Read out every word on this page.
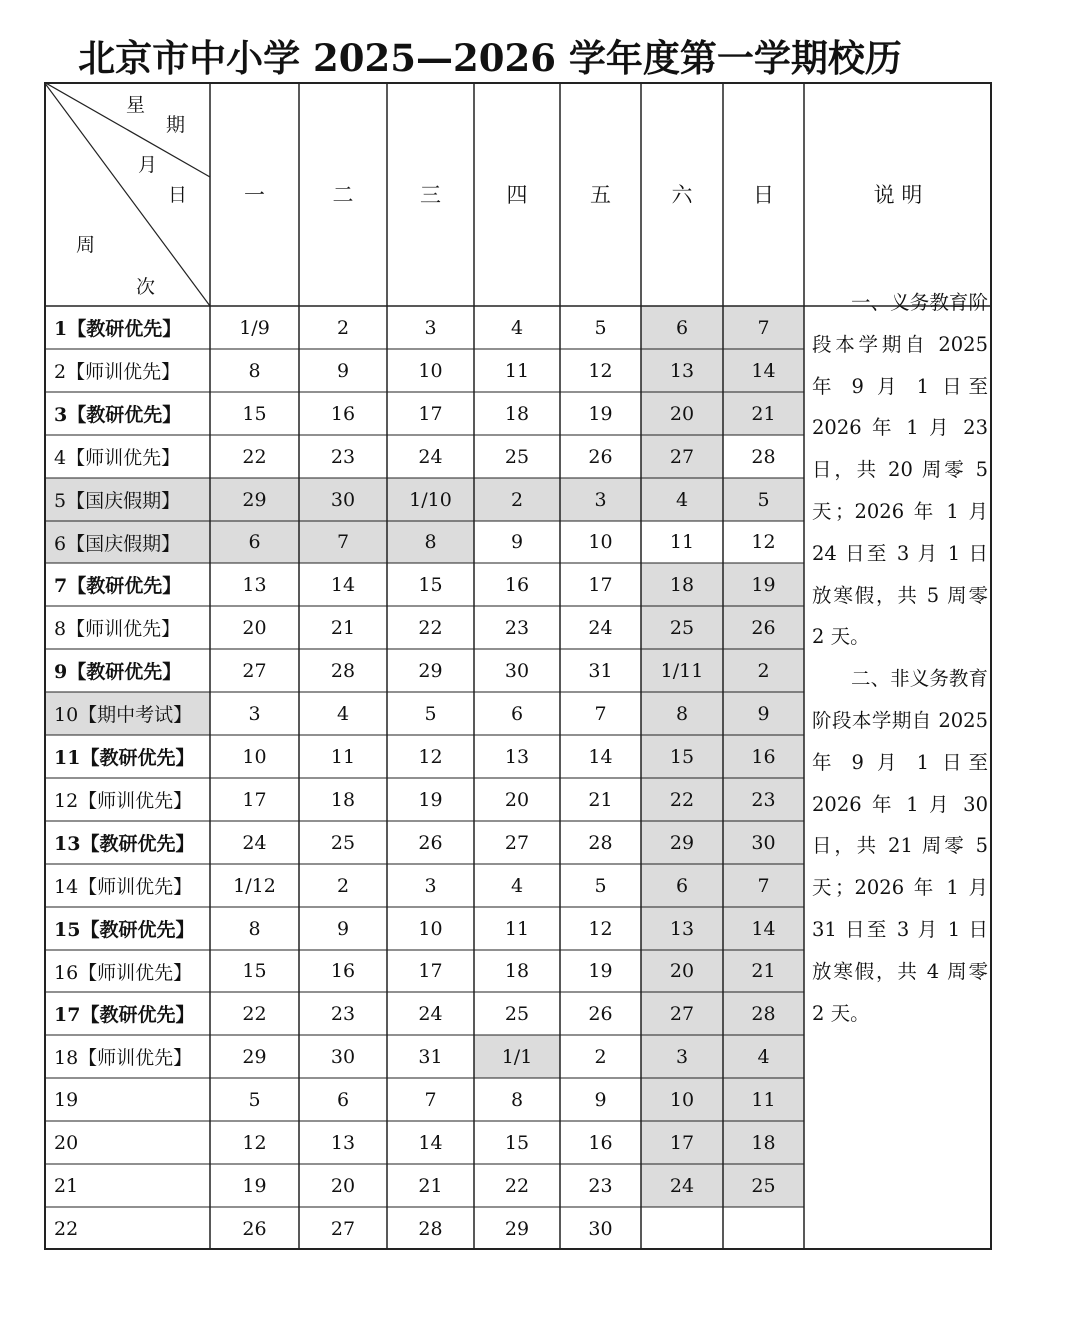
北京市中小学 2025—2026 学年度第一学期校历
星
期
月
日
周
次
一	二	三	四	五	六	日	说 明
1【教研优先】	1/9	2	3	4	5	6	7
2【师训优先】	8	9	10	11	12	13	14
3【教研优先】	15	16	17	18	19	20	21
4【师训优先】	22	23	24	25	26	27	28
5【国庆假期】	29	30	1/10	2	3	4	5
6【国庆假期】	6	7	8	9	10	11	12
7【教研优先】	13	14	15	16	17	18	19
8【师训优先】	20	21	22	23	24	25	26
9【教研优先】	27	28	29	30	31	1/11	2
10【期中考试】	3	4	5	6	7	8	9
11【教研优先】	10	11	12	13	14	15	16
12【师训优先】	17	18	19	20	21	22	23
13【教研优先】	24	25	26	27	28	29	30
14【师训优先】	1/12	2	3	4	5	6	7
15【教研优先】	8	9	10	11	12	13	14
16【师训优先】	15	16	17	18	19	20	21
17【教研优先】	22	23	24	25	26	27	28
18【师训优先】	29	30	31	1/1	2	3	4
19	5	6	7	8	9	10	11
20	12	13	14	15	16	17	18
21	19	20	21	22	23	24	25
22	26	27	28	29	30

一、义务教育阶段本学期自 2025 年 9 月 1 日至 2026 年 1 月 23 日，共 20 周零 5 天；2026 年 1 月 24 日至 3 月 1 日放寒假，共 5 周零 2 天。

二、非义务教育阶段本学期自 2025 年 9 月 1 日至 2026 年 1 月 30 日，共 21 周零 5 天；2026 年 1 月 31 日至 3 月 1 日放寒假，共 4 周零 2 天。
